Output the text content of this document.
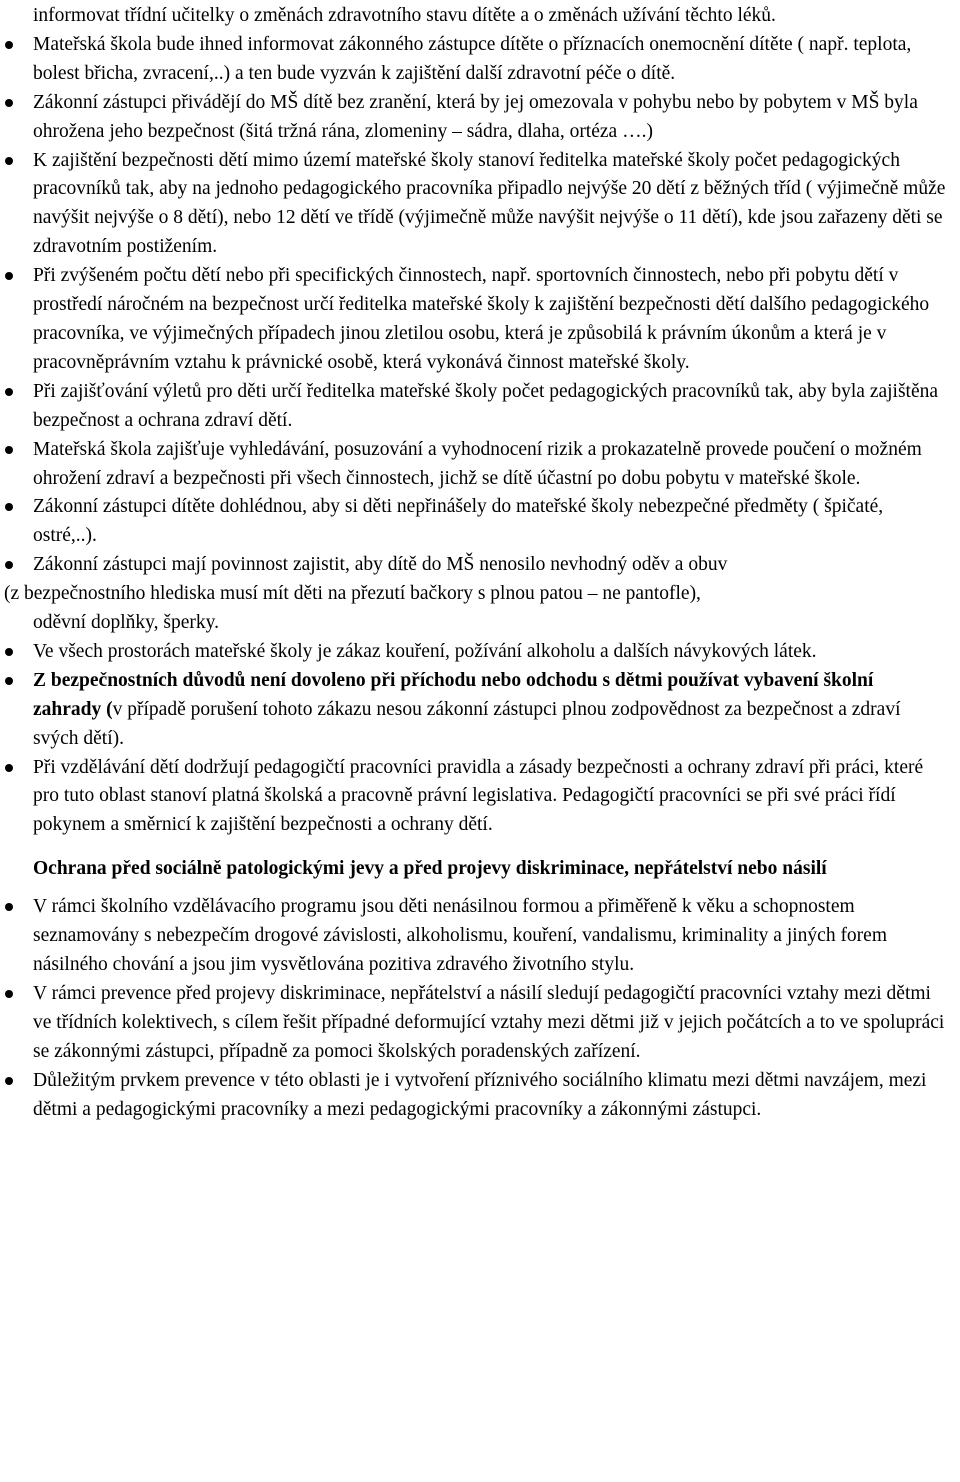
informovat třídní učitelky o změnách zdravotního stavu dítěte a o změnách užívání těchto léků.

Mateřská škola bude ihned informovat zákonného zástupce dítěte o příznacích onemocnění dítěte ( např. teplota, bolest břicha, zvracení,..) a ten bude vyzván k zajištění další zdravotní péče o dítě.
Zákonní zástupci přivádějí do MŠ dítě bez zranění, která by jej omezovala v pohybu nebo by pobytem v MŠ byla ohrožena jeho bezpečnost (šitá tržná rána, zlomeniny – sádra, dlaha, ortéza ….)
K zajištění bezpečnosti dětí mimo území mateřské školy stanoví ředitelka mateřské školy počet pedagogických pracovníků tak, aby na jednoho pedagogického pracovníka připadlo nejvýše 20 dětí z běžných tříd ( výjimečně může navýšit nejvýše o 8 dětí), nebo 12 dětí ve třídě (výjimečně může navýšit nejvýše o 11 dětí), kde jsou zařazeny děti se zdravotním postižením.
Při zvýšeném počtu dětí nebo při specifických činnostech, např. sportovních činnostech, nebo při pobytu dětí v prostředí náročném na bezpečnost určí ředitelka mateřské školy k zajištění bezpečnosti dětí dalšího pedagogického pracovníka, ve výjimečných případech jinou zletilou osobu, která je způsobilá k právním úkonům a která je v pracovněprávním vztahu k právnické osobě, která vykonává činnost mateřské školy.
Při zajišťování výletů pro děti určí ředitelka mateřské školy počet pedagogických pracovníků tak, aby byla zajištěna bezpečnost a ochrana zdraví dětí.
Mateřská škola zajišťuje vyhledávání, posuzování a vyhodnocení rizik a prokazatelně provede poučení o možném ohrožení zdraví a bezpečnosti při všech činnostech, jichž se dítě účastní po dobu pobytu v mateřské škole.
Zákonní zástupci dítěte dohlédnou, aby si děti nepřinášely do mateřské školy nebezpečné předměty ( špičaté, ostré,..).
Zákonní zástupci mají povinnost zajistit, aby dítě do MŠ nenosilo nevhodný oděv a obuv
(z bezpečnostního hlediska musí mít děti na přezutí bačkory s plnou patou – ne pantofle),
oděvní doplňky, šperky.
Ve všech prostorách mateřské školy je zákaz kouření, požívání alkoholu a dalších návykových látek.
Z bezpečnostních důvodů není dovoleno při příchodu nebo odchodu s dětmi používat vybavení školní zahrady (v případě porušení tohoto zákazu nesou zákonní zástupci plnou zodpovědnost za bezpečnost a zdraví svých dětí).
Při vzdělávání dětí dodržují pedagogičtí pracovníci pravidla a zásady bezpečnosti a ochrany zdraví při práci, které pro tuto oblast stanoví platná školská a pracovně právní legislativa. Pedagogičtí pracovníci se při své práci řídí pokynem a směrnicí k zajištění bezpečnosti a ochrany dětí.
Ochrana před sociálně patologickými jevy a před projevy diskriminace, nepřátelství nebo násilí
V rámci školního vzdělávacího programu jsou děti nenásilnou formou a přiměřeně k věku a schopnostem seznamovány s nebezpečím drogové závislosti, alkoholismu, kouření, vandalismu, kriminality a jiných forem násilného chování a jsou jim vysvětlována pozitiva zdravého životního stylu.
V rámci prevence před projevy diskriminace, nepřátelství a násilí sledují pedagogičtí pracovníci vztahy mezi dětmi ve třídních kolektivech, s cílem řešit případné deformující vztahy mezi dětmi již v jejich počátcích a to ve spolupráci se zákonnými zástupci, případně za pomoci školských poradenských zařízení.
Důležitým prvkem prevence v této oblasti je i vytvoření příznivého sociálního klimatu mezi dětmi navzájem, mezi dětmi a pedagogickými pracovníky a mezi pedagogickými pracovníky a zákonnými zástupci.
